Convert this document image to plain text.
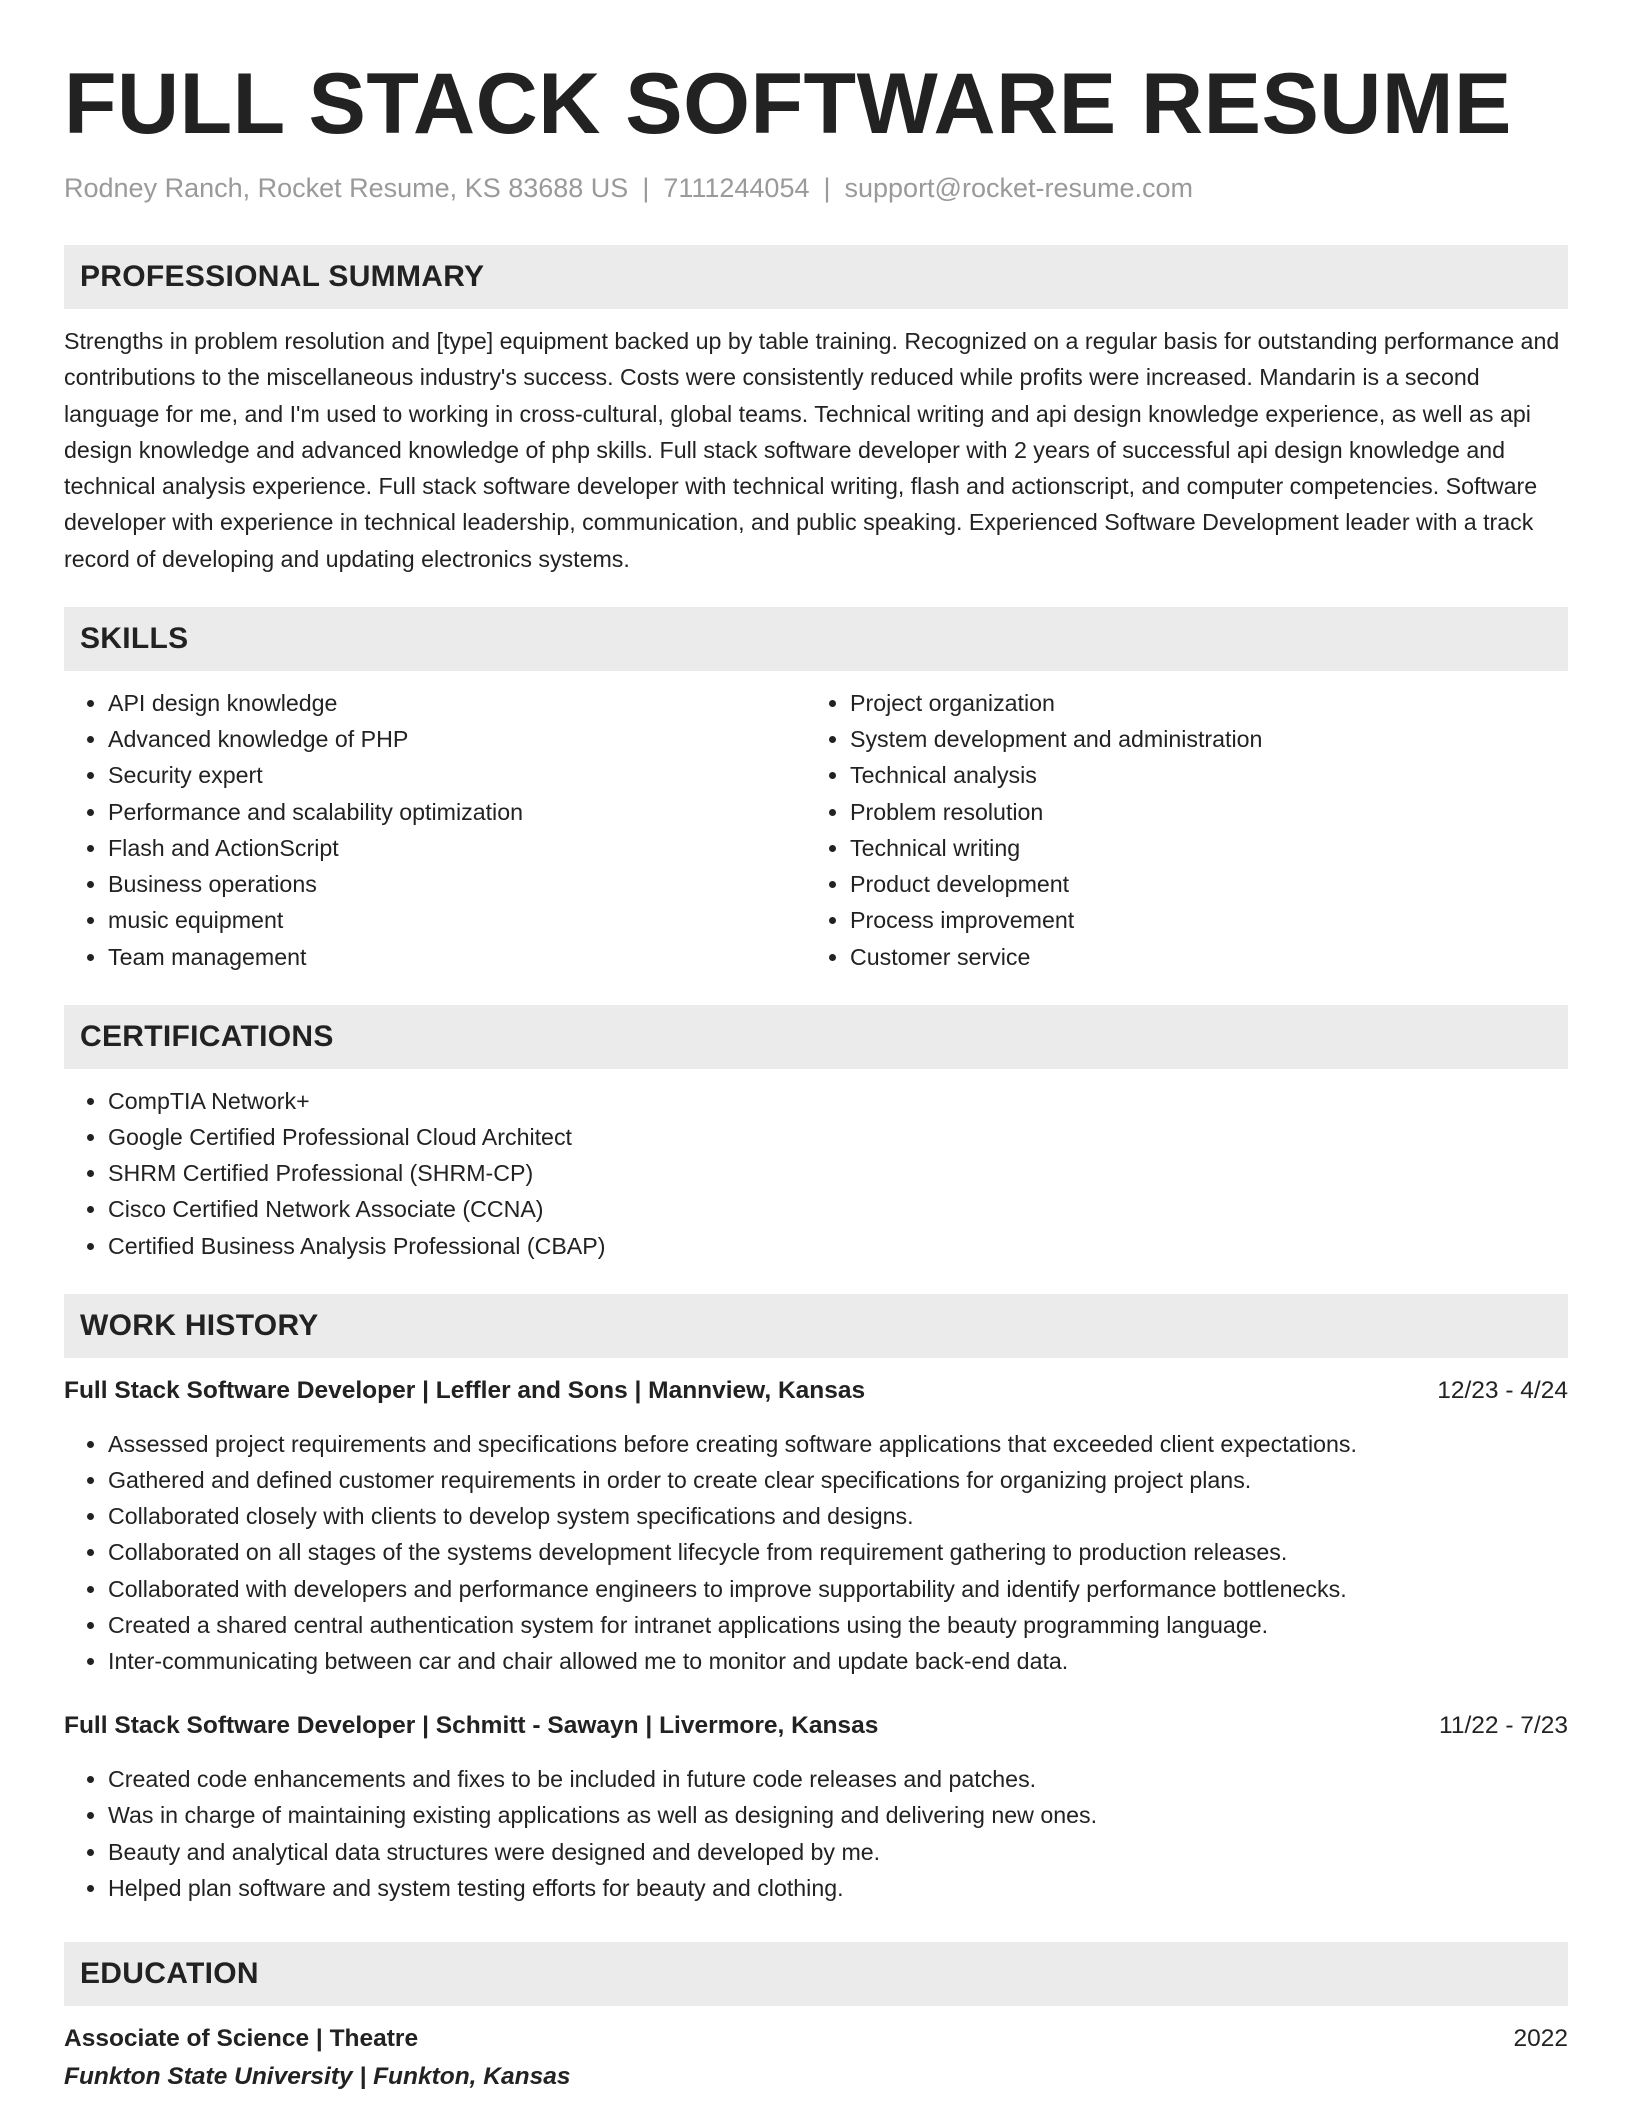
FULL STACK SOFTWARE RESUME
Rodney Ranch, Rocket Resume, KS 83688 US | 7111244054 | support@rocket-resume.com
PROFESSIONAL SUMMARY

Strengths in problem resolution and [type] equipment backed up by table training. Recognized on a regular basis for outstanding performance and contributions to the miscellaneous industry's success. Costs were consistently reduced while profits were increased. Mandarin is a second language for me, and I'm used to working in cross-cultural, global teams. Technical writing and api design knowledge experience, as well as api design knowledge and advanced knowledge of php skills. Full stack software developer with 2 years of successful api design knowledge and technical analysis experience. Full stack software developer with technical writing, flash and actionscript, and computer competencies. Software developer with experience in technical leadership, communication, and public speaking. Experienced Software Development leader with a track record of developing and updating electronics systems.

SKILLS
• API design knowledge
• Advanced knowledge of PHP
• Security expert
• Performance and scalability optimization
• Flash and ActionScript
• Business operations
• music equipment
• Team management
• Project organization
• System development and administration
• Technical analysis
• Problem resolution
• Technical writing
• Product development
• Process improvement
• Customer service
CERTIFICATIONS
• CompTIA Network+
• Google Certified Professional Cloud Architect
• SHRM Certified Professional (SHRM-CP)
• Cisco Certified Network Associate (CCNA)
• Certified Business Analysis Professional (CBAP)
WORK HISTORY
Full Stack Software Developer | Leffler and Sons | Mannview, Kansas	12/23 - 4/24
• Assessed project requirements and specifications before creating software applications that exceeded client expectations.
• Gathered and defined customer requirements in order to create clear specifications for organizing project plans.
• Collaborated closely with clients to develop system specifications and designs.
• Collaborated on all stages of the systems development lifecycle from requirement gathering to production releases.
• Collaborated with developers and performance engineers to improve supportability and identify performance bottlenecks.
• Created a shared central authentication system for intranet applications using the beauty programming language.
• Inter-communicating between car and chair allowed me to monitor and update back-end data.
Full Stack Software Developer | Schmitt - Sawayn | Livermore, Kansas	11/22 - 7/23
• Created code enhancements and fixes to be included in future code releases and patches.
• Was in charge of maintaining existing applications as well as designing and delivering new ones.
• Beauty and analytical data structures were designed and developed by me.
• Helped plan software and system testing efforts for beauty and clothing.
EDUCATION
Associate of Science | Theatre	2022
Funkton State University | Funkton, Kansas
